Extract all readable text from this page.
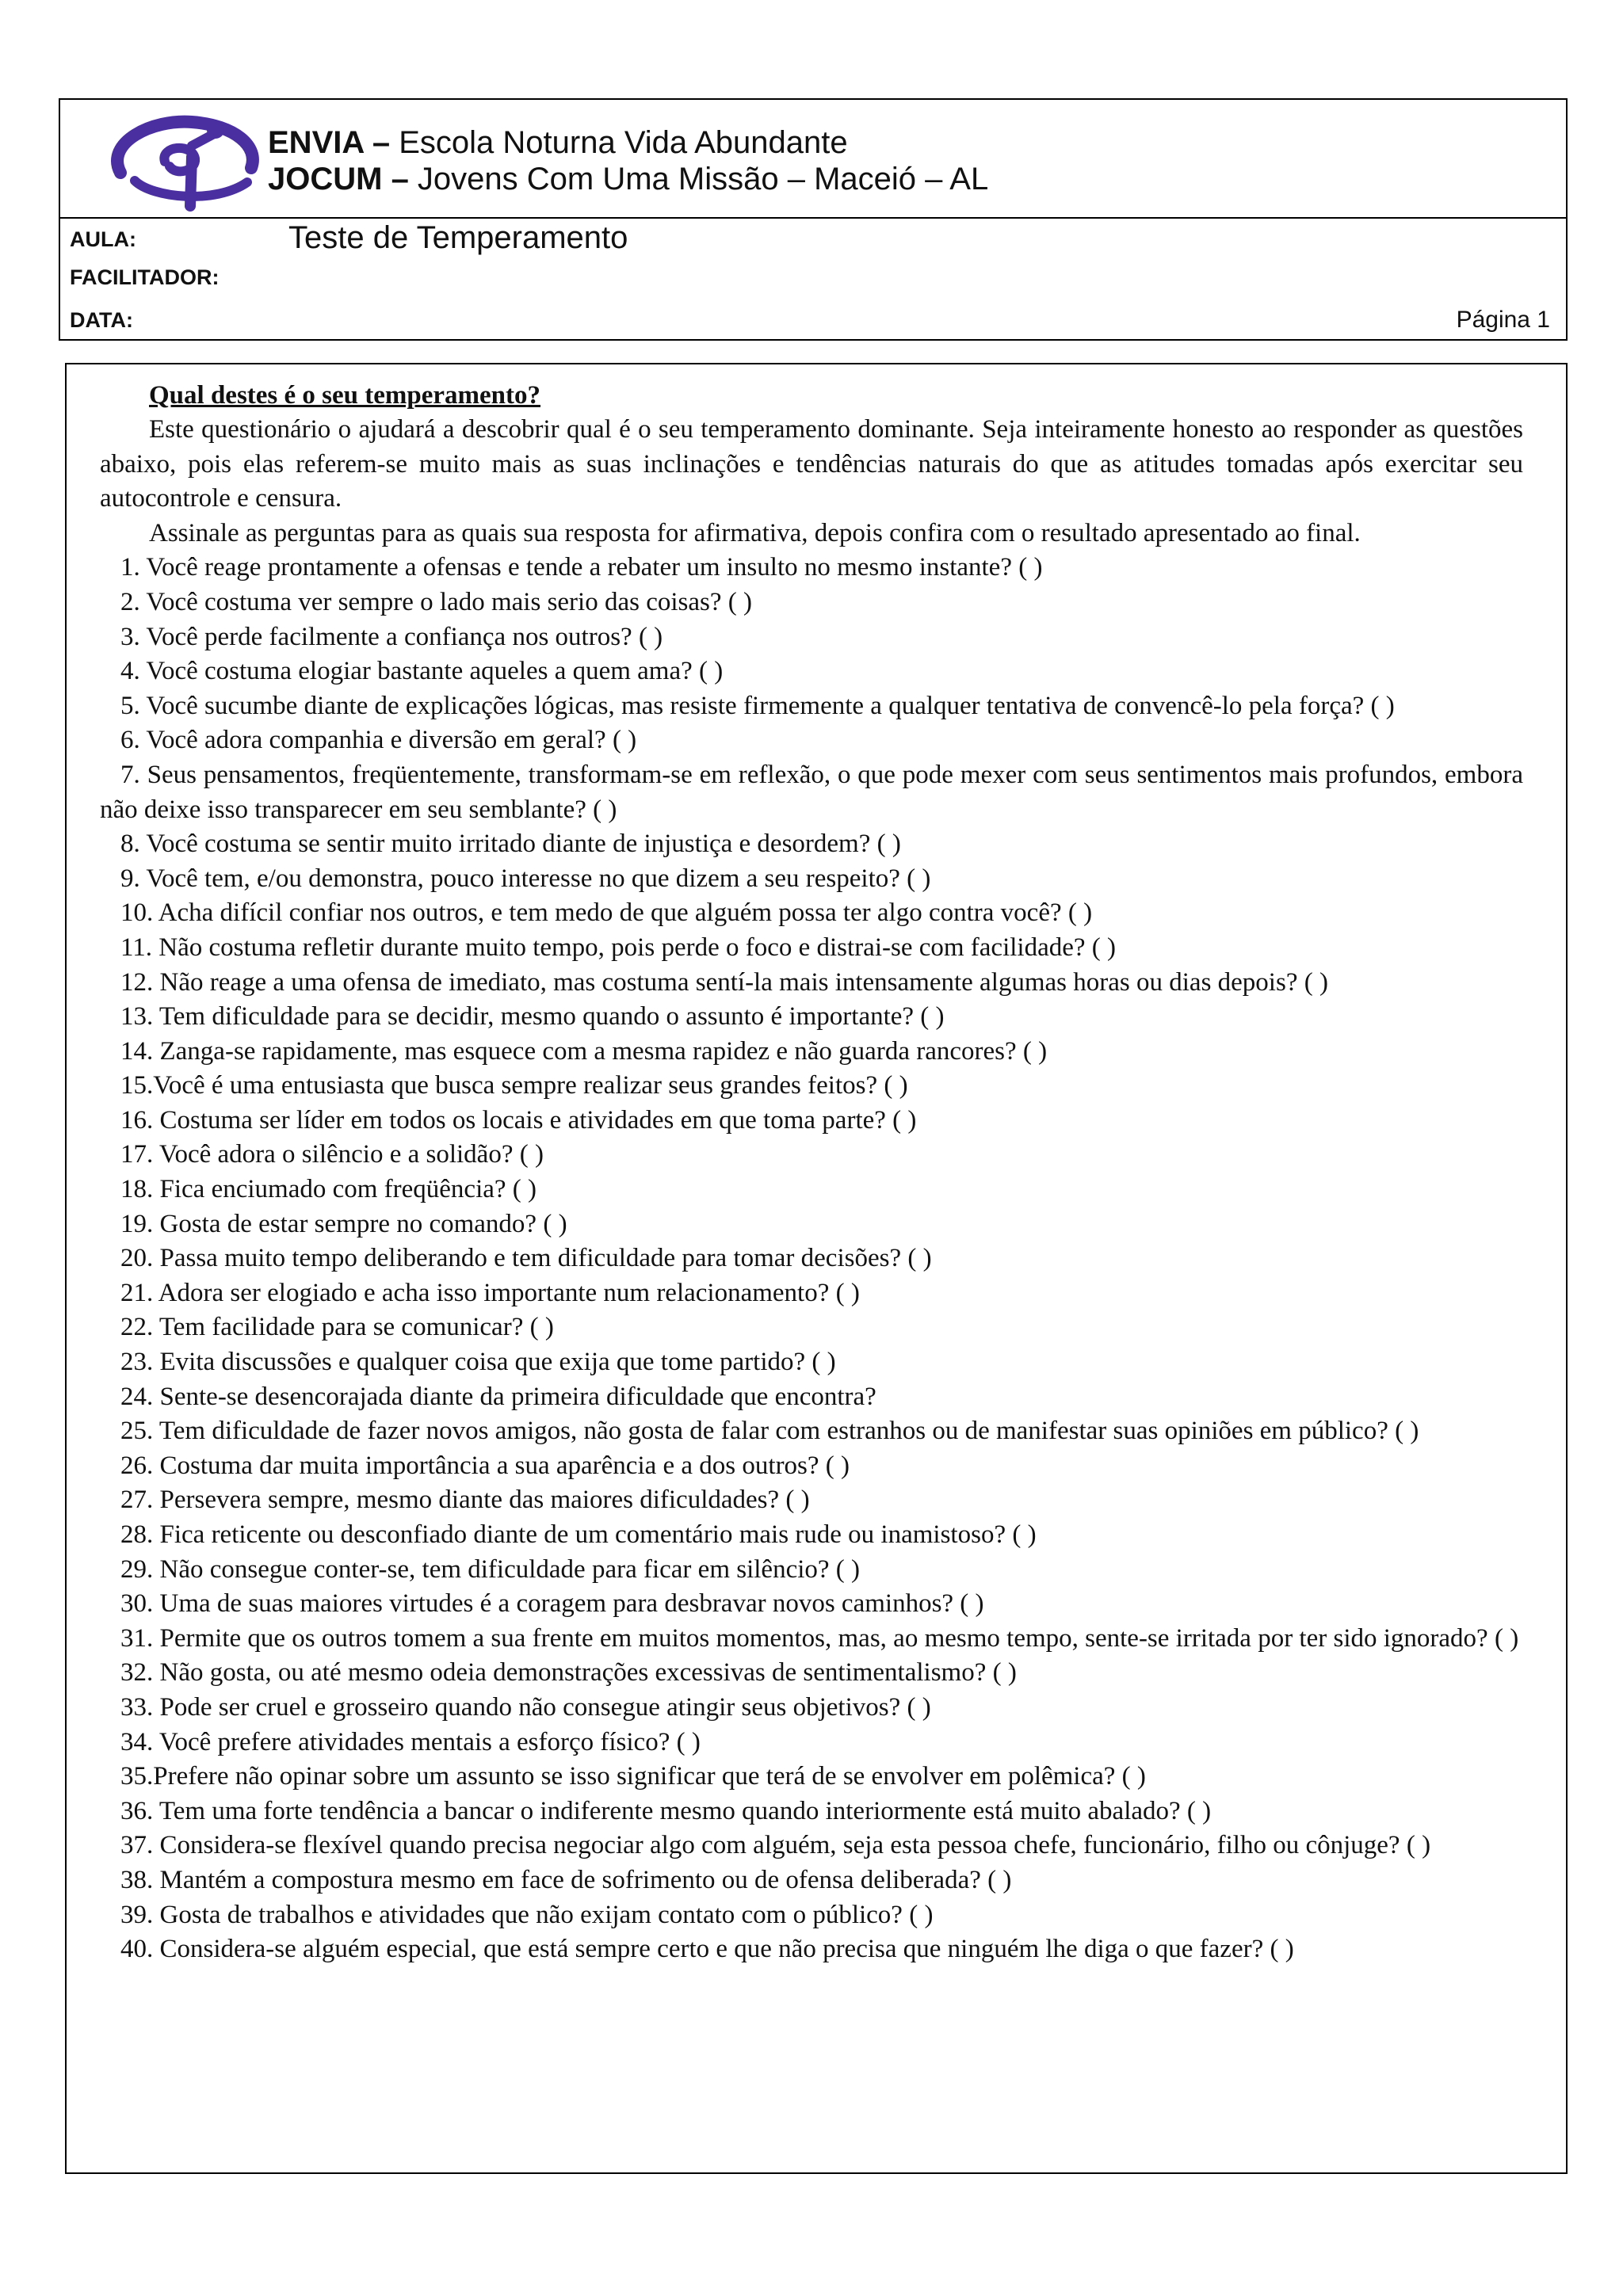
ENVIA – Escola Noturna Vida Abundante
JOCUM – Jovens Com Uma Missão – Maceió – AL
AULA:	Teste de Temperamento
FACILITADOR:
DATA:	Página 1

Qual destes é o seu temperamento?

Este questionário o ajudará a descobrir qual é o seu temperamento dominante. Seja inteiramente honesto ao responder as questões abaixo, pois elas referem-se muito mais as suas inclinações e tendências naturais do que as atitudes tomadas após exercitar seu autocontrole e censura.

Assinale as perguntas para as quais sua resposta for afirmativa, depois confira com o resultado apresentado ao final.

1. Você reage prontamente a ofensas e tende a rebater um insulto no mesmo instante? ( )
2. Você costuma ver sempre o lado mais serio das coisas? ( )
3. Você perde facilmente a confiança nos outros? ( )
4. Você costuma elogiar bastante aqueles a quem ama? ( )
5. Você sucumbe diante de explicações lógicas, mas resiste firmemente a qualquer tentativa de convencê-lo pela força? ( )
6. Você adora companhia e diversão em geral? ( )
7. Seus pensamentos, freqüentemente, transformam-se em reflexão, o que pode mexer com seus sentimentos mais profundos, embora não deixe isso transparecer em seu semblante? ( )
8. Você costuma se sentir muito irritado diante de injustiça e desordem? ( )
9. Você tem, e/ou demonstra, pouco interesse no que dizem a seu respeito? ( )
10. Acha difícil confiar nos outros, e tem medo de que alguém possa ter algo contra você? ( )
11. Não costuma refletir durante muito tempo, pois perde o foco e distrai-se com facilidade? ( )
12. Não reage a uma ofensa de imediato, mas costuma sentí-la mais intensamente algumas horas ou dias depois? ( )
13. Tem dificuldade para se decidir, mesmo quando o assunto é importante? ( )
14. Zanga-se rapidamente, mas esquece com a mesma rapidez e não guarda rancores? ( )
15.Você é uma entusiasta que busca sempre realizar seus grandes feitos? ( )
16. Costuma ser líder em todos os locais e atividades em que toma parte? ( )
17. Você adora o silêncio e a solidão? ( )
18. Fica enciumado com freqüência? ( )
19. Gosta de estar sempre no comando? ( )
20. Passa muito tempo deliberando e tem dificuldade para tomar decisões? ( )
21. Adora ser elogiado e acha isso importante num relacionamento? ( )
22. Tem facilidade para se comunicar? ( )
23. Evita discussões e qualquer coisa que exija que tome partido? ( )
24. Sente-se desencorajada diante da primeira dificuldade que encontra?
25. Tem dificuldade de fazer novos amigos, não gosta de falar com estranhos ou de manifestar suas opiniões em público? ( )
26. Costuma dar muita importância a sua aparência e a dos outros? ( )
27. Persevera sempre, mesmo diante das maiores dificuldades? ( )
28. Fica reticente ou desconfiado diante de um comentário mais rude ou inamistoso? ( )
29. Não consegue conter-se, tem dificuldade para ficar em silêncio? ( )
30. Uma de suas maiores virtudes é a coragem para desbravar novos caminhos? ( )
31. Permite que os outros tomem a sua frente em muitos momentos, mas, ao mesmo tempo, sente-se irritada por ter sido ignorado? ( )
32. Não gosta, ou até mesmo odeia demonstrações excessivas de sentimentalismo? ( )
33. Pode ser cruel e grosseiro quando não consegue atingir seus objetivos? ( )
34. Você prefere atividades mentais a esforço físico? ( )
35.Prefere não opinar sobre um assunto se isso significar que terá de se envolver em polêmica? ( )
36. Tem uma forte tendência a bancar o indiferente mesmo quando interiormente está muito abalado? ( )
37. Considera-se flexível quando precisa negociar algo com alguém, seja esta pessoa chefe, funcionário, filho ou cônjuge? ( )
38. Mantém a compostura mesmo em face de sofrimento ou de ofensa deliberada? ( )
39. Gosta de trabalhos e atividades que não exijam contato com o público? ( )
40. Considera-se alguém especial, que está sempre certo e que não precisa que ninguém lhe diga o que fazer? ( )
